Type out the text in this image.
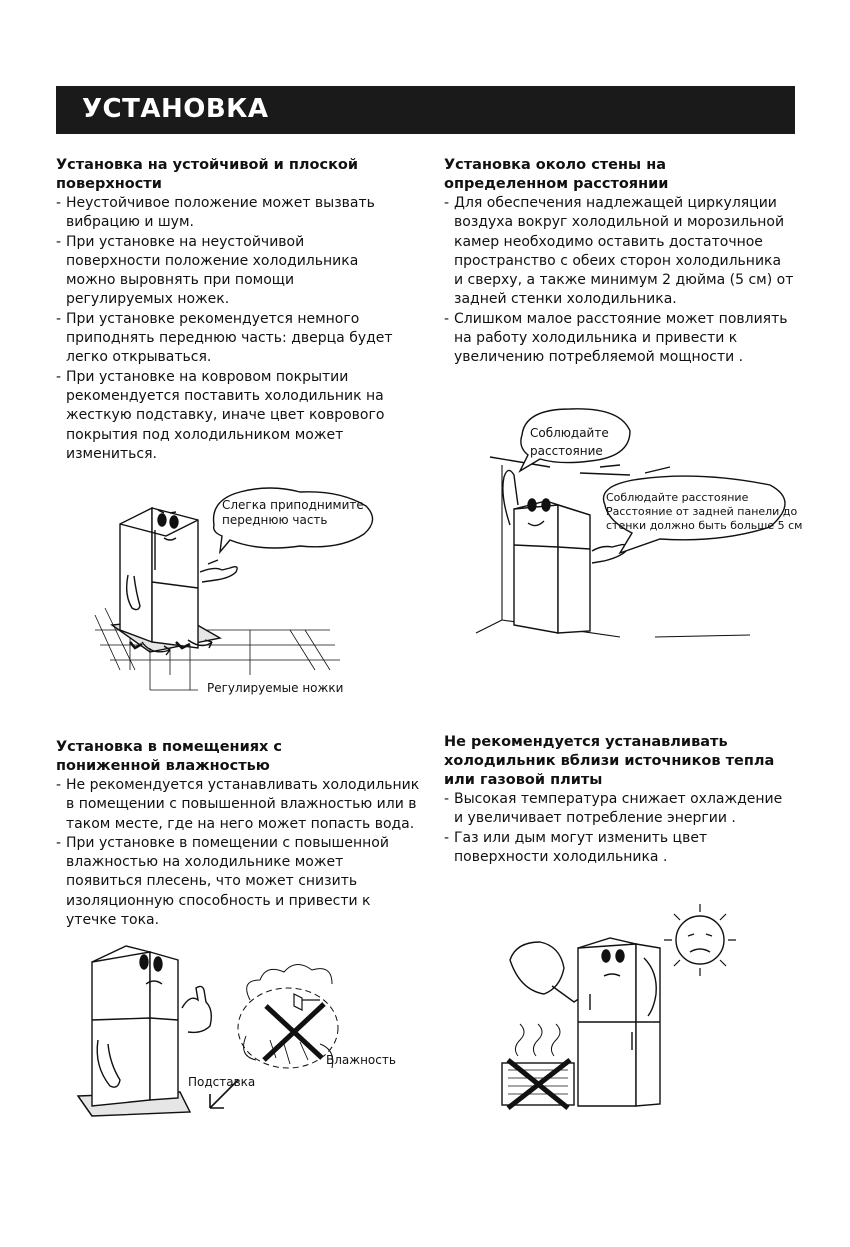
УСТАНОВКА
Установка на устойчивой и плоской поверхности
- Неустойчивое положение может вызвать вибрацию и шум.
- При установке на неустойчивой поверхности положение холодильника можно выровнять при помощи регулируемых ножек.
- При установке рекомендуется немного приподнять переднюю часть: дверца будет легко открываться.
- При установке на ковровом покрытии рекомендуется поставить холодильник на жесткую подставку, иначе цвет коврового покрытия под холодильником может измениться.
Установка около стены на определенном расстоянии
- Для обеспечения надлежащей циркуляции воздуха вокруг холодильной и морозильной камер необходимо оставить достаточное пространство с обеих сторон холодильника и сверху, а также минимум 2 дюйма (5 см) от задней стенки холодильника.
- Слишком малое расстояние может повлиять на работу холодильника и привести к увеличению потребляемой мощности .
Установка в помещениях с пониженной влажностью
- Не рекомендуется устанавливать холодильник в помещении с повышенной влажностью или в таком месте, где на него может попасть вода.
- При установке в помещении с повышенной влажностью на холодильнике может появиться плесень, что может снизить изоляционную способность и привести к утечке тока.
Не рекомендуется устанавливать холодильник вблизи источников тепла или газовой плиты
- Высокая температура снижает охлаждение и увеличивает потребление энергии .
- Газ или дым могут изменить цвет поверхности холодильника .
Слегка приподнимите
переднюю часть
Регулируемые ножки
Соблюдайте
расстояние
Соблюдайте расстояние
Расстояние от задней панели до
стенки должно быть больше 5 см
Влажность
Подставка
